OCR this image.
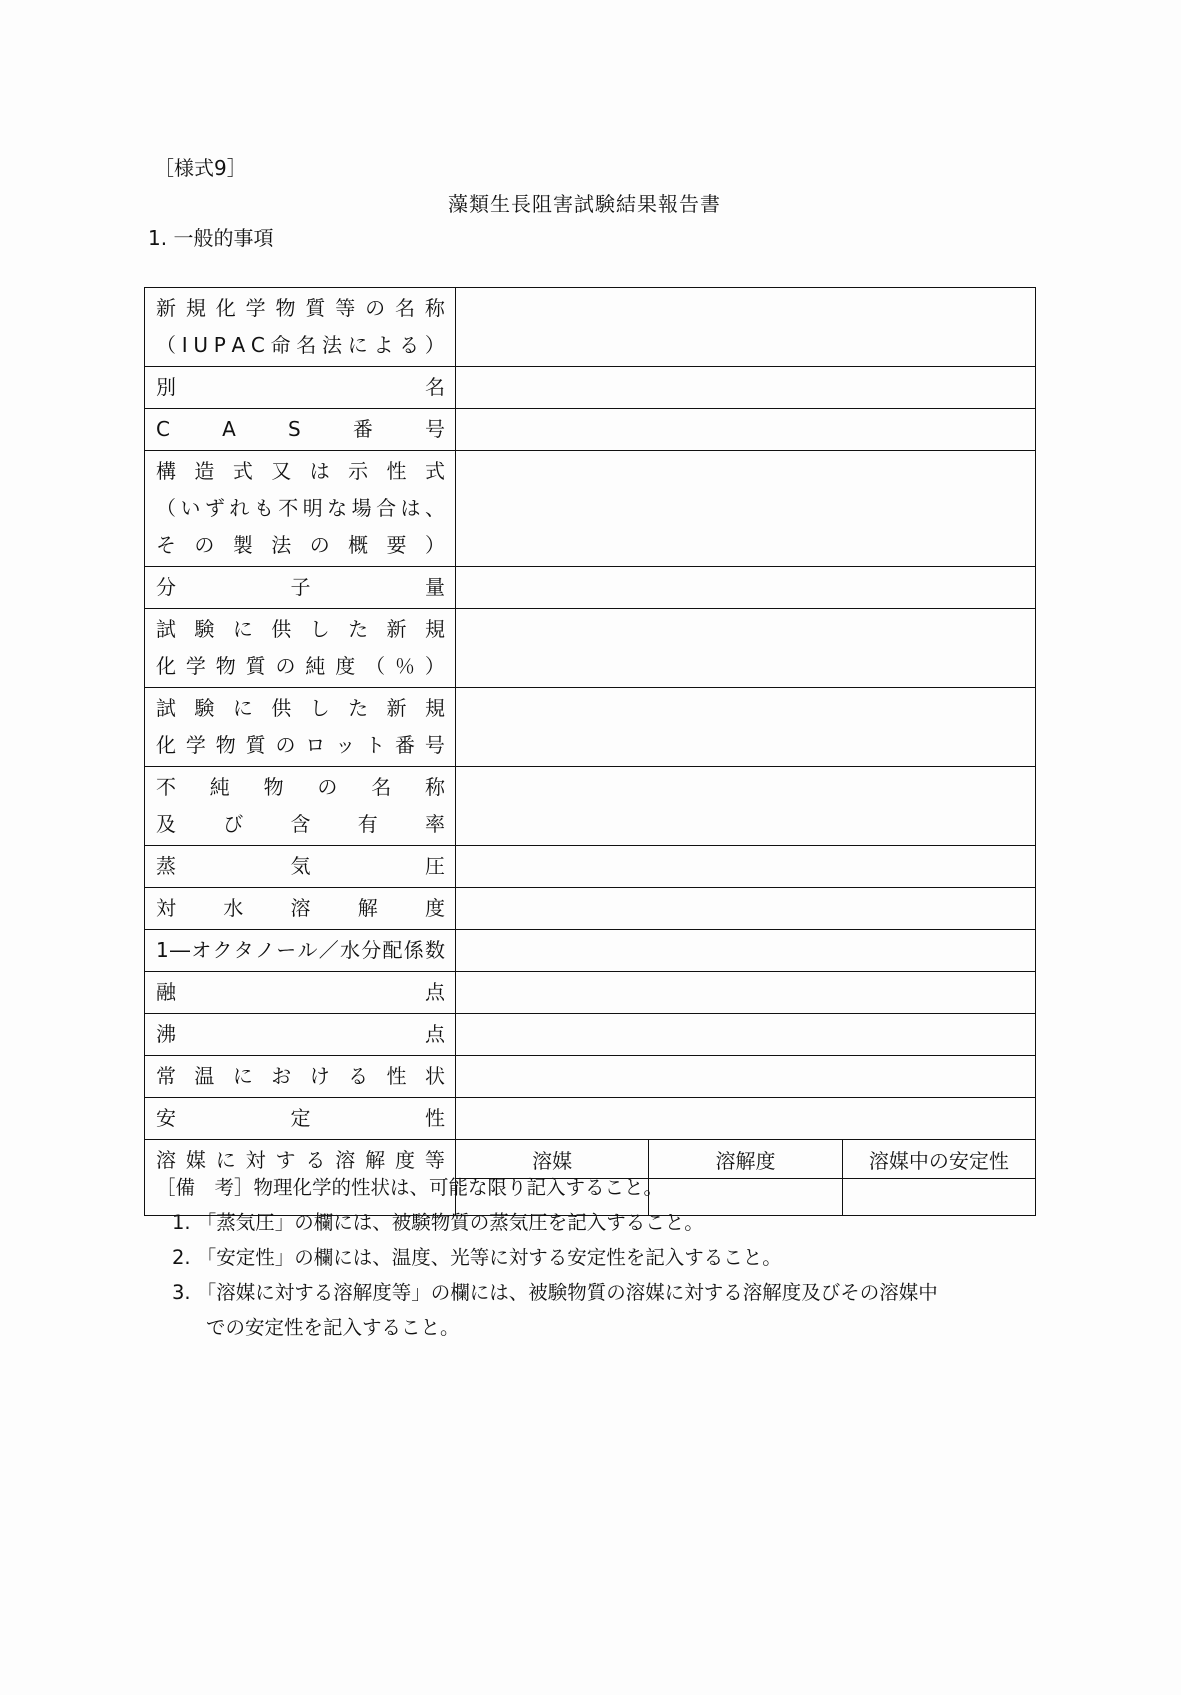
［様式9］
藻類生長阻害試験結果報告書
1. 一般的事項
新 規 化 学 物 質 等 の 名 称
（ I U P A C 命 名 法 に よ る ）

別 名			

C A S 番 号			

構 造 式 又 は 示 性 式
（ い ず れ も 不 明 な 場 合 は 、
そ の 製 法 の 概 要 ）

分 子 量			

試 験 に 供 し た 新 規
化 学 物 質 の 純 度 （ ％ ）

試 験 に 供 し た 新 規
化 学 物 質 の ロ ッ ト 番 号

不 純 物 の 名 称
及 び 含 有 率

蒸 気 圧			

対 水 溶 解 度			

1 ― オ ク タ ノ ー ル ／ 水 分 配 係 数

融 点			

沸 点			

常 温 に お け る 性 状

安 定 性			

溶 媒 に 対 す る 溶 解 度 等	溶媒	溶解度	溶媒中の安定性

［備　考］物理化学的性状は、可能な限り記入すること。
1. 「蒸気圧」の欄には、被験物質の蒸気圧を記入すること。
2. 「安定性」の欄には、温度、光等に対する安定性を記入すること。
3. 「溶媒に対する溶解度等」の欄には、被験物質の溶媒に対する溶解度及びその溶媒中
での安定性を記入すること。
